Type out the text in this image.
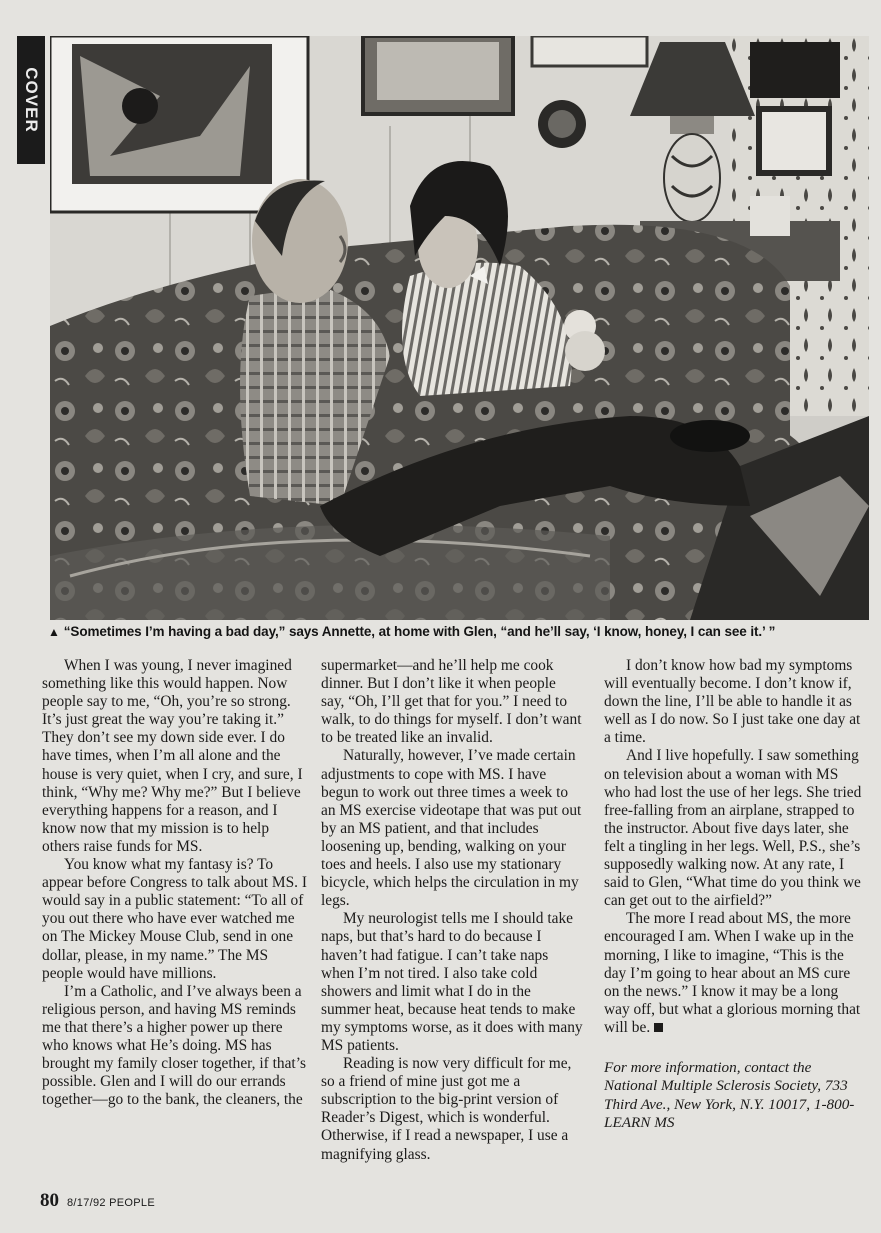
COVER
▲ “Sometimes I’m having a bad day,” says Annette, at home with Glen, “and he’ll say, ‘I know, honey, I can see it.’ ”

When I was young, I never imagined something like this would happen. Now people say to me, “Oh, you’re so strong. It’s just great the way you’re taking it.” They don’t see my down side ever. I do have times, when I’m all alone and the house is very quiet, when I cry, and sure, I think, “Why me? Why me?” But I believe everything happens for a reason, and I know now that my mission is to help others raise funds for MS.

You know what my fantasy is? To appear before Congress to talk about MS. I would say in a public statement: “To all of you out there who have ever watched me on The Mickey Mouse Club, send in one dollar, please, in my name.” The MS people would have millions.

I’m a Catholic, and I’ve always been a religious person, and having MS reminds me that there’s a higher power up there who knows what He’s doing. MS has brought my family closer together, if that’s possible. Glen and I will do our errands together—go to the bank, the cleaners, the

supermarket—and he’ll help me cook dinner. But I don’t like it when people say, “Oh, I’ll get that for you.” I need to walk, to do things for myself. I don’t want to be treated like an invalid.

Naturally, however, I’ve made certain adjustments to cope with MS. I have begun to work out three times a week to an MS exercise videotape that was put out by an MS patient, and that includes loosening up, bending, walking on your toes and heels. I also use my stationary bicycle, which helps the circulation in my legs.

My neurologist tells me I should take naps, but that’s hard to do because I haven’t had fatigue. I can’t take naps when I’m not tired. I also take cold showers and limit what I do in the summer heat, because heat tends to make my symptoms worse, as it does with many MS patients.

Reading is now very difficult for me, so a friend of mine just got me a subscription to the big-print version of Reader’s Digest, which is wonderful. Otherwise, if I read a newspaper, I use a magnifying glass.

I don’t know how bad my symptoms will eventually become. I don’t know if, down the line, I’ll be able to handle it as well as I do now. So I just take one day at a time.

And I live hopefully. I saw something on television about a woman with MS who had lost the use of her legs. She tried free-falling from an airplane, strapped to the instructor. About five days later, she felt a tingling in her legs. Well, P.S., she’s supposedly walking now. At any rate, I said to Glen, “What time do you think we can get out to the airfield?”

The more I read about MS, the more encouraged I am. When I wake up in the morning, I like to imagine, “This is the day I’m going to hear about an MS cure on the news.” I know it may be a long way off, but what a glorious morning that will be.

For more information, contact the National Multiple Sclerosis Society, 733 Third Ave., New York, N.Y. 10017, 1-800-LEARN MS
80 8/17/92 PEOPLE
